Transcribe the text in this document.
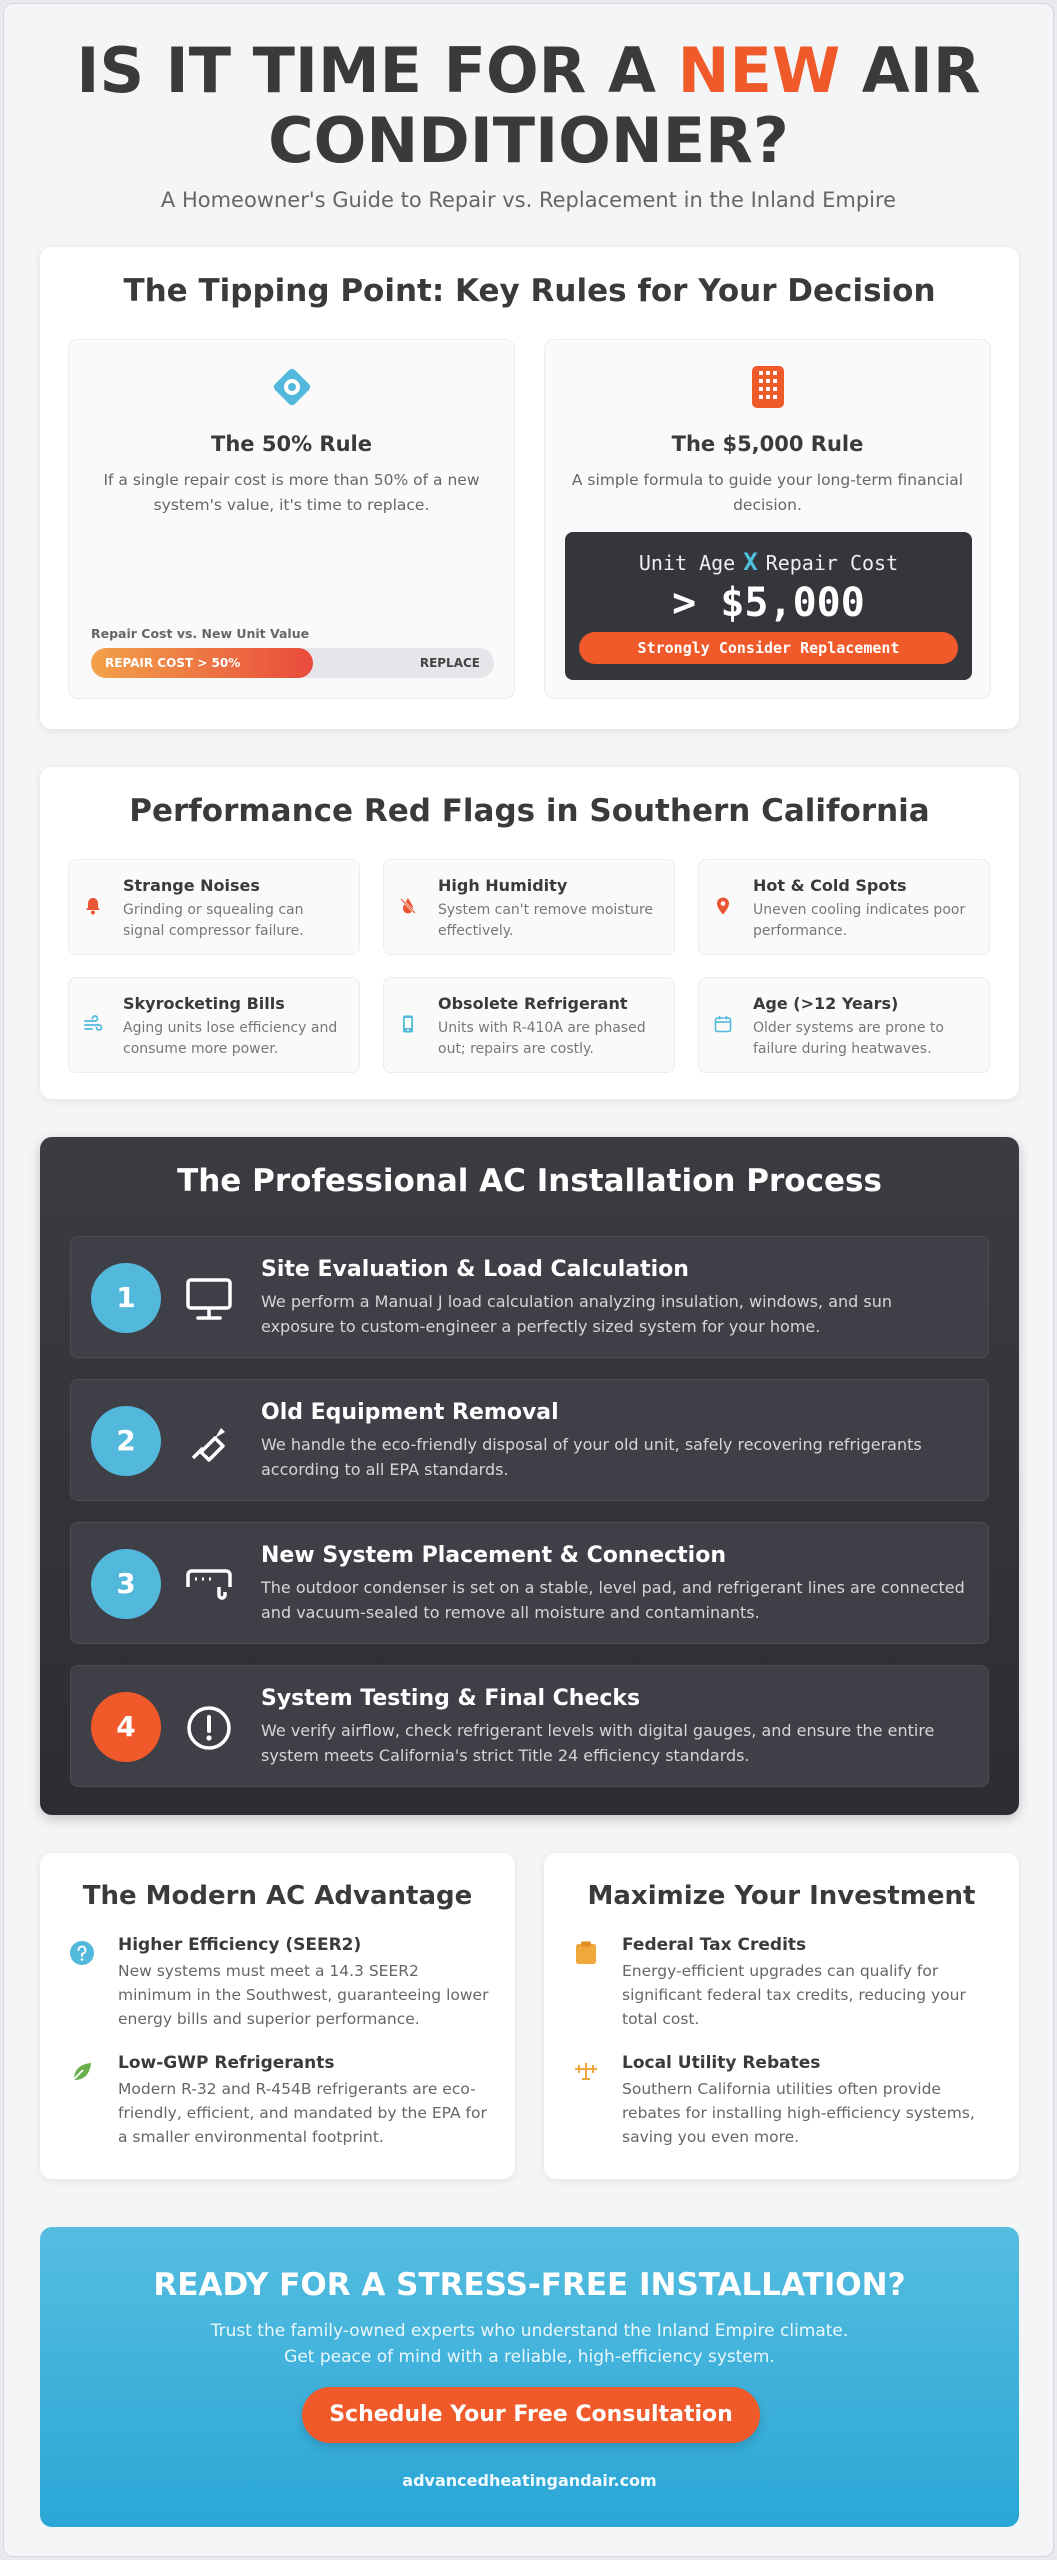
IS IT TIME FOR A NEW AIR CONDITIONER?
A Homeowner's Guide to Repair vs. Replacement in the Inland Empire
The Tipping Point: Key Rules for Your Decision
The 50% Rule

If a single repair cost is more than 50% of a new system's value, it's time to replace.

Repair Cost vs. New Unit Value
REPAIR COST > 50%	REPLACE
The $5,000 Rule

A simple formula to guide your long-term financial decision.

Unit Age X Repair Cost
> $5,000
Strongly Consider Replacement
Performance Red Flags in Southern California
Strange Noises

Grinding or squealing can signal compressor failure.

High Humidity

System can't remove moisture effectively.

Hot & Cold Spots

Uneven cooling indicates poor performance.

Skyrocketing Bills

Aging units lose efficiency and consume more power.

Obsolete Refrigerant

Units with R-410A are phased out; repairs are costly.

Age (>12 Years)

Older systems are prone to failure during heatwaves.

The Professional AC Installation Process
1
Site Evaluation & Load Calculation

We perform a Manual J load calculation analyzing insulation, windows, and sun exposure to custom-engineer a perfectly sized system for your home.

2
Old Equipment Removal

We handle the eco-friendly disposal of your old unit, safely recovering refrigerants according to all EPA standards.

3
New System Placement & Connection

The outdoor condenser is set on a stable, level pad, and refrigerant lines are connected and vacuum-sealed to remove all moisture and contaminants.

4
System Testing & Final Checks

We verify airflow, check refrigerant levels with digital gauges, and ensure the entire system meets California's strict Title 24 efficiency standards.

The Modern AC Advantage
Higher Efficiency (SEER2)

New systems must meet a 14.3 SEER2 minimum in the Southwest, guaranteeing lower energy bills and superior performance.

Low-GWP Refrigerants

Modern R-32 and R-454B refrigerants are eco-friendly, efficient, and mandated by the EPA for a smaller environmental footprint.

Maximize Your Investment
Federal Tax Credits

Energy-efficient upgrades can qualify for significant federal tax credits, reducing your total cost.

Local Utility Rebates

Southern California utilities often provide rebates for installing high-efficiency systems, saving you even more.

READY FOR A STRESS-FREE INSTALLATION?
Trust the family-owned experts who understand the Inland Empire climate.
Get peace of mind with a reliable, high-efficiency system.
Schedule Your Free Consultation
advancedheatingandair.com
